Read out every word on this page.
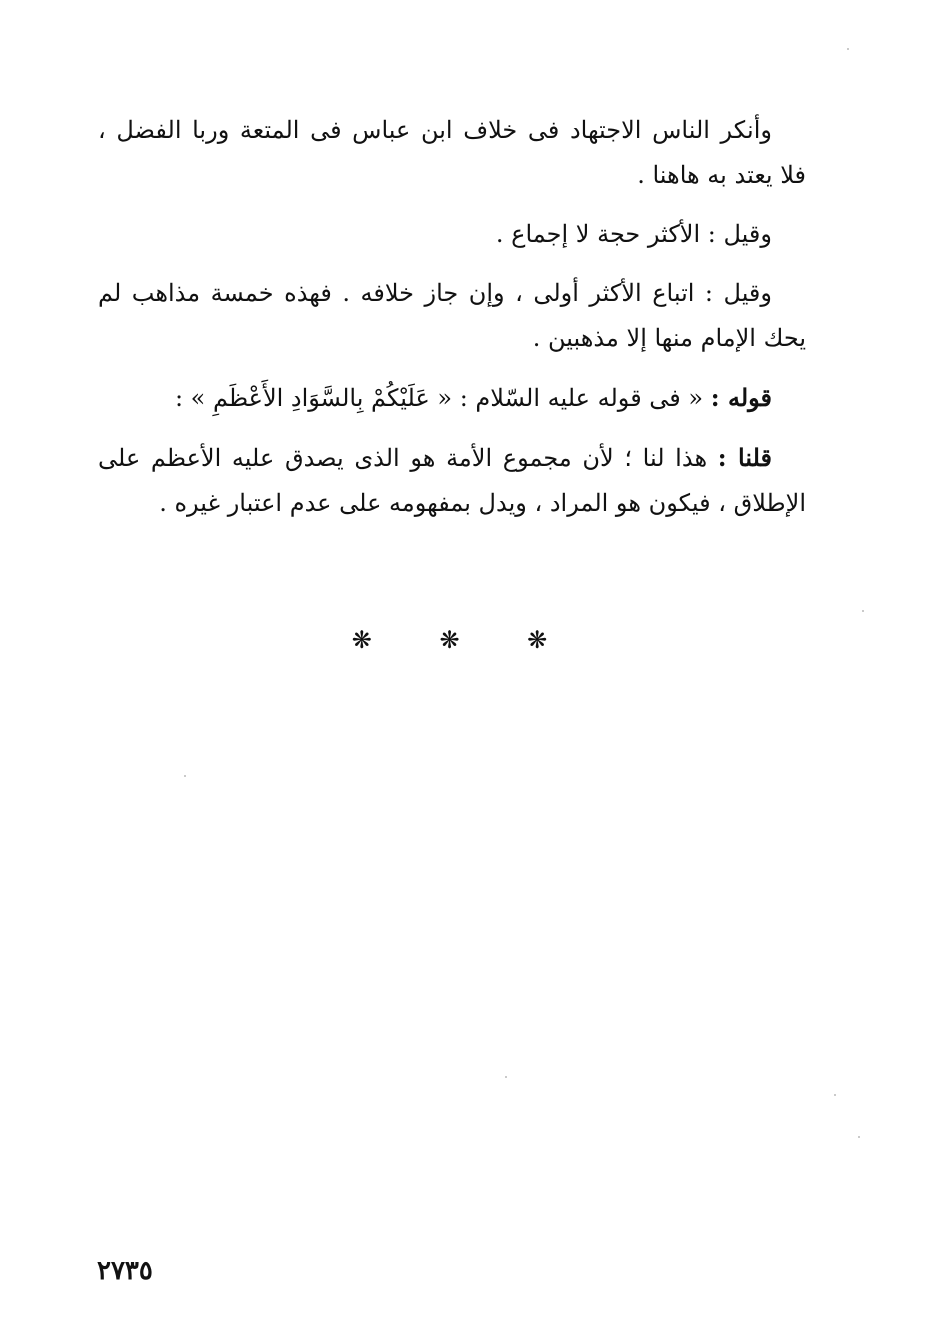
وأنكر الناس الاجتهاد فى خلاف ابن عباس فى المتعة وربا الفضل ، فلا يعتد به هاهنا .

وقيل : الأكثر حجة لا إجماع .

وقيل : اتباع الأكثر أولى ، وإن جاز خلافه . فهذه خمسة مذاهب لم يحك الإمام منها إلا مذهبين .

قوله : « فى قوله عليه السّلام : « عَلَيْكُمْ بِالسَّوَادِ الأَعْظَمِ » :

قلنا : هذا لنا ؛ لأن مجموع الأمة هو الذى يصدق عليه الأعظم على الإطلاق ، فيكون هو المراد ، ويدل بمفهومه على عدم اعتبار غيره .

❋ ❋ ❋
٢٧٣٥
